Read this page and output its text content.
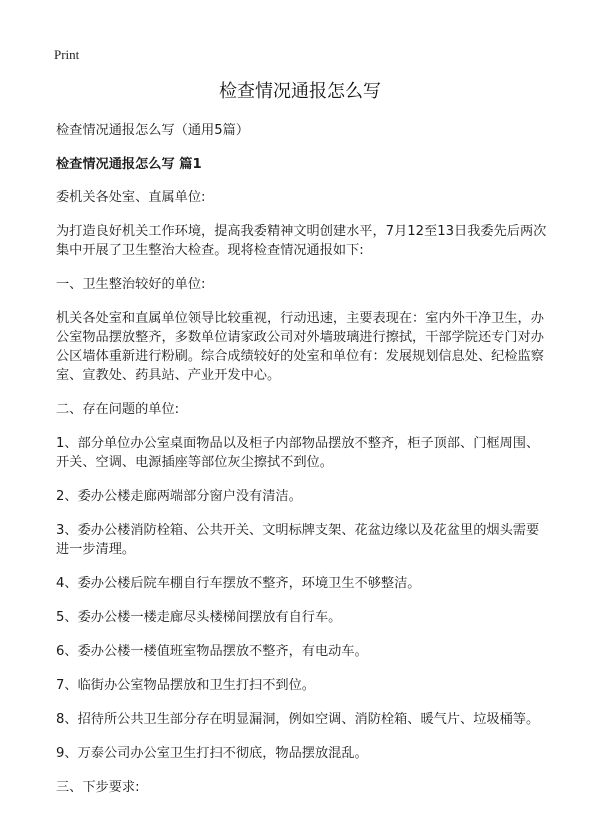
Print
检查情况通报怎么写

检查情况通报怎么写（通用5篇）

检查情况通报怎么写 篇1

委机关各处室、直属单位:

为打造良好机关工作环境，提高我委精神文明创建水平，7月12至13日我委先后两次集中开展了卫生整治大检查。现将检查情况通报如下:

一、卫生整治较好的单位:

机关各处室和直属单位领导比较重视，行动迅速，主要表现在：室内外干净卫生，办公室物品摆放整齐，多数单位请家政公司对外墙玻璃进行擦拭，干部学院还专门对办公区墙体重新进行粉刷。综合成绩较好的处室和单位有：发展规划信息处、纪检监察室、宣教处、药具站、产业开发中心。

二、存在问题的单位:

1、部分单位办公室桌面物品以及柜子内部物品摆放不整齐，柜子顶部、门框周围、开关、空调、电源插座等部位灰尘擦拭不到位。

2、委办公楼走廊两端部分窗户没有清洁。

3、委办公楼消防栓箱、公共开关、文明标牌支架、花盆边缘以及花盆里的烟头需要进一步清理。

4、委办公楼后院车棚自行车摆放不整齐，环境卫生不够整洁。

5、委办公楼一楼走廊尽头楼梯间摆放有自行车。

6、委办公楼一楼值班室物品摆放不整齐，有电动车。

7、临街办公室物品摆放和卫生打扫不到位。

8、招待所公共卫生部分存在明显漏洞，例如空调、消防栓箱、暖气片、垃圾桶等。

9、万泰公司办公室卫生打扫不彻底，物品摆放混乱。

三、下步要求:
